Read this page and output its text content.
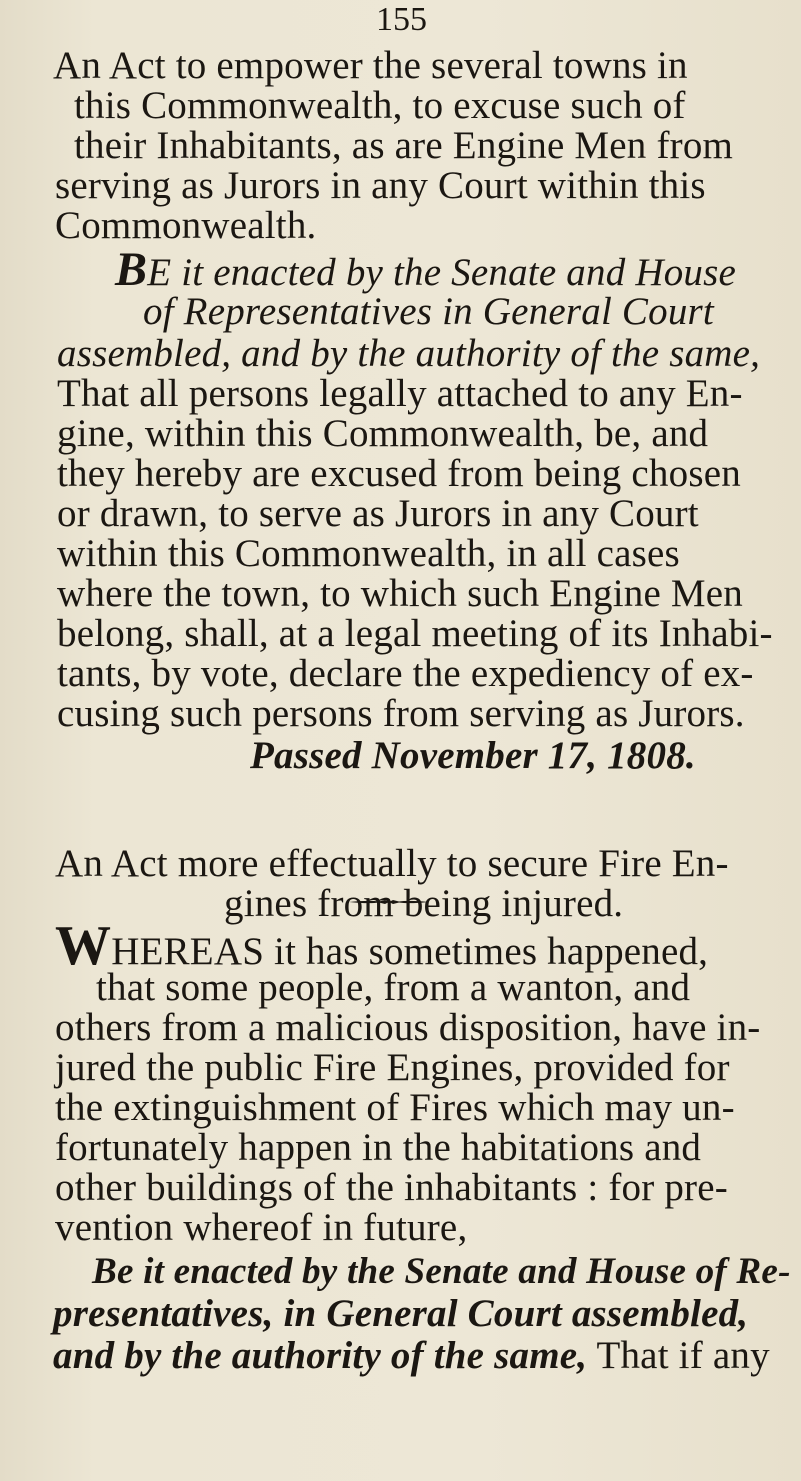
155
An Act to empower the several towns in
this Commonwealth, to excuse such of
their Inhabitants, as are Engine Men from
serving as Jurors in any Court within this
Commonwealth.
BE it enacted by the Senate and House
of Representatives in General Court
assembled, and by the authority of the same,
That all persons legally attached to any En-
gine, within this Commonwealth, be, and
they hereby are excused from being chosen
or drawn, to serve as Jurors in any Court
within this Commonwealth, in all cases
where the town, to which such Engine Men
belong, shall, at a legal meeting of its Inhabi-
tants, by vote, declare the expediency of ex-
cusing such persons from serving as Jurors.
Passed November 17, 1808.
An Act more effectually to secure Fire En-
gines from being injured.
WHEREAS it has sometimes happened,
that some people, from a wanton, and
others from a malicious disposition, have in-
jured the public Fire Engines, provided for
the extinguishment of Fires which may un-
fortunately happen in the habitations and
other buildings of the inhabitants : for pre-
vention whereof in future,
Be it enacted by the Senate and House of Re-
presentatives, in General Court assembled,
and by the authority of the same, That if any
